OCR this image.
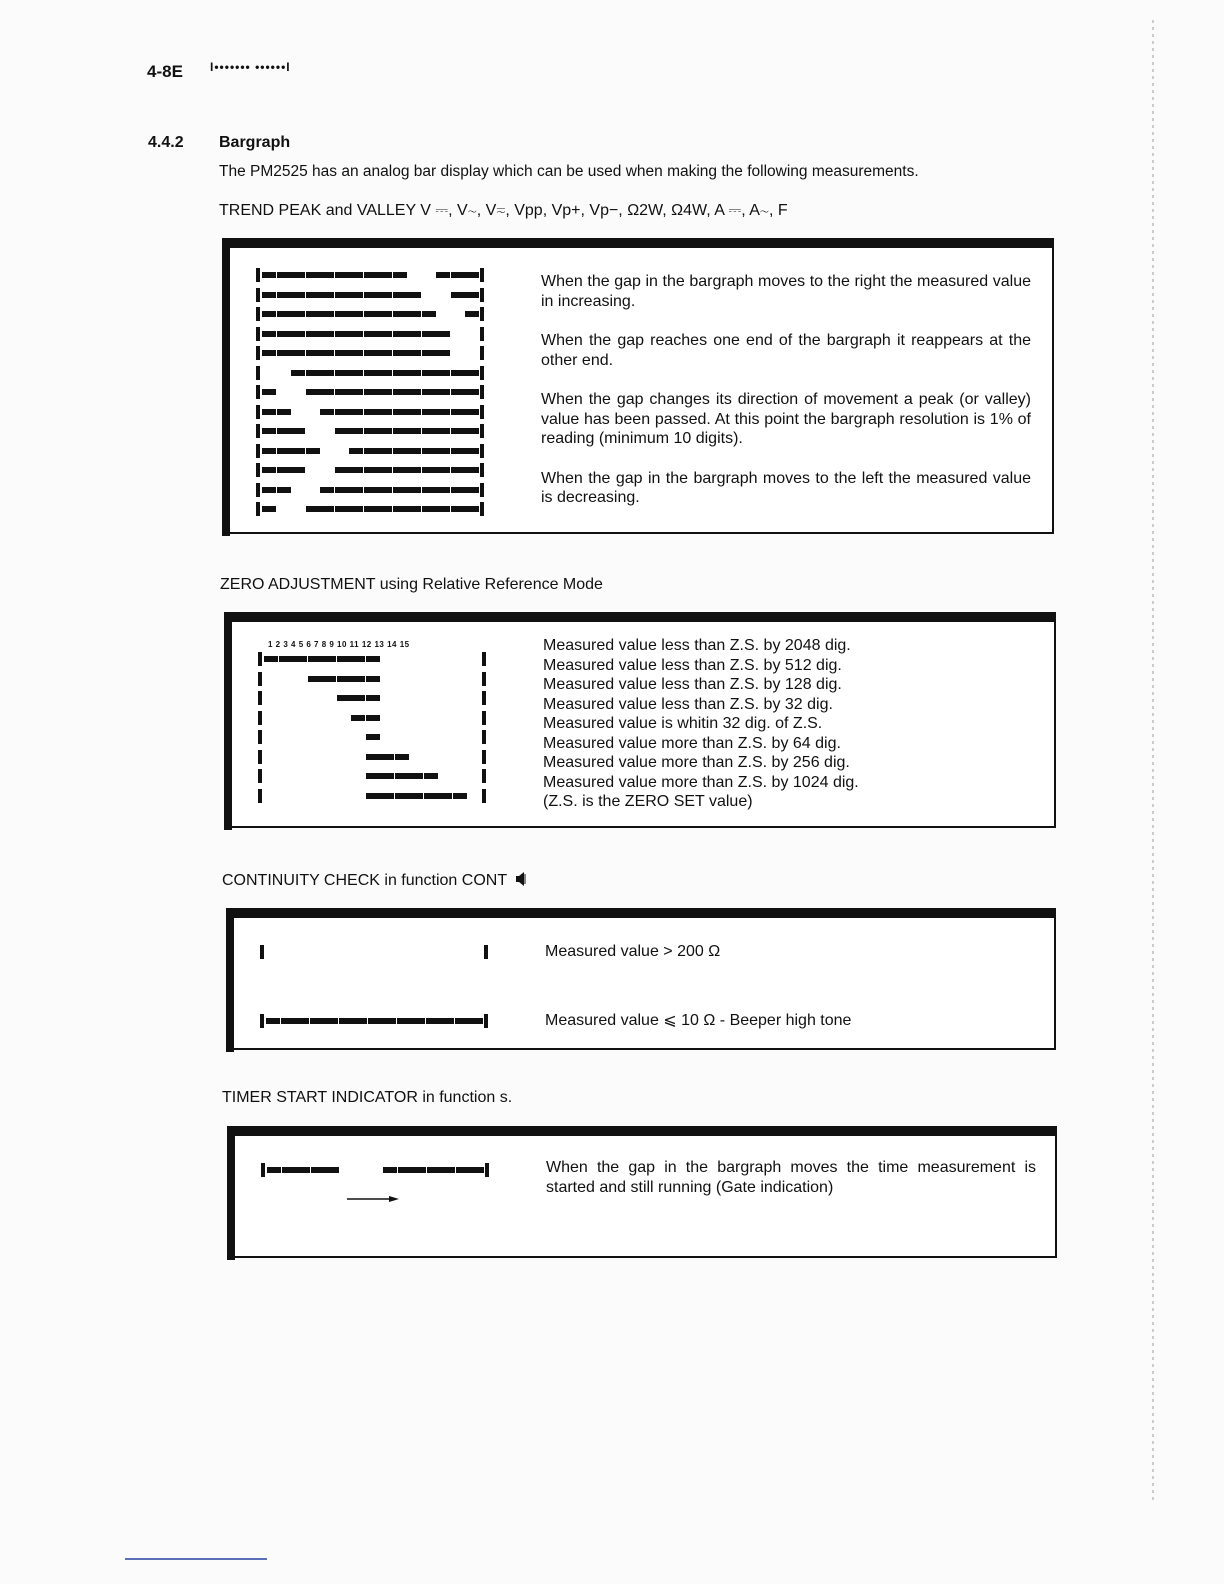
4-8E I••••••• ••••••I
4.4.2 Bargraph
The PM2525 has an analog bar display which can be used when making the following measurements.
TREND PEAK and VALLEY V ⎓, V∼, V≂, Vpp, Vp+, Vp−, Ω2W, Ω4W, A ⎓, A∼, F
When the gap in the bargraph moves to the right the measured value in increasing.
When the gap reaches one end of the bargraph it reappears at the other end.
When the gap changes its direction of movement a peak (or valley) value has been passed. At this point the bargraph resolution is 1% of reading (minimum 10 digits).
When the gap in the bargraph moves to the left the measured value is decreasing.
ZERO ADJUSTMENT using Relative Reference Mode
1 2 3 4 5 6 7 8 9 10 11 12 13 14 15	Measured value less than Z.S. by 2048 dig.
Measured value less than Z.S. by 512 dig.
Measured value less than Z.S. by 128 dig.
Measured value less than Z.S. by 32 dig.
Measured value is whitin 32 dig. of Z.S.
Measured value more than Z.S. by 64 dig.
Measured value more than Z.S. by 256 dig.
Measured value more than Z.S. by 1024 dig.
(Z.S. is the ZERO SET value)
CONTINUITY CHECK in function CONT
Measured value > 200 Ω
Measured value ⩽ 10 Ω - Beeper high tone
TIMER START INDICATOR in function s.
When the gap in the bargraph moves the time measurement is started and still running (Gate indication)
